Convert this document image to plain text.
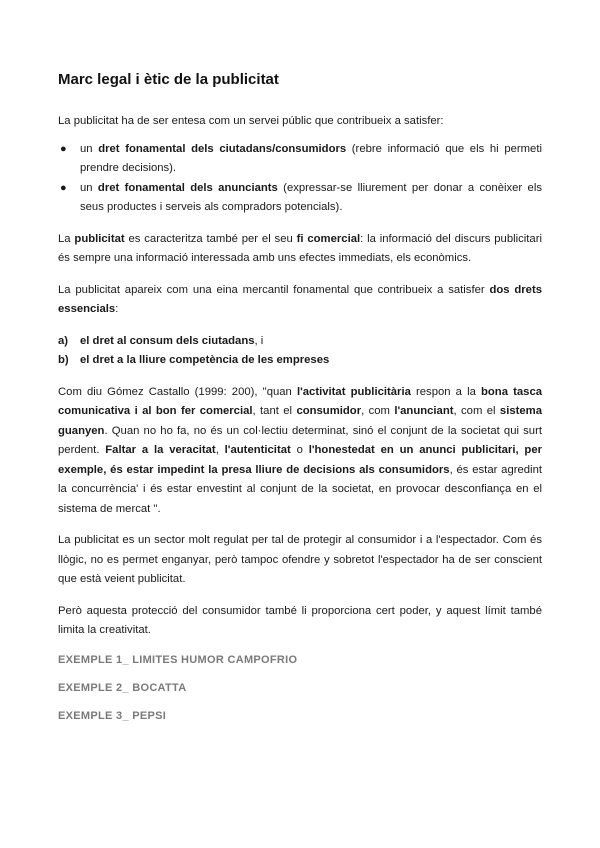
Marc legal i ètic de la publicitat

La publicitat ha de ser entesa com un servei públic que contribueix a satisfer:

● un dret fonamental dels ciutadans/consumidors (rebre informació que els hi permeti prendre decisions).
● un dret fonamental dels anunciants (expressar-se lliurement per donar a conèixer els seus productes i serveis als compradors potencials).

La publicitat es caracteritza també per el seu fi comercial: la informació del discurs publicitari és sempre una informació interessada amb uns efectes immediats, els econòmics.

La publicitat apareix com una eina mercantil fonamental que contribueix a satisfer dos drets essencials:

a) el dret al consum dels ciutadans, i
b) el dret a la lliure competència de les empreses

Com diu Gómez Castallo (1999: 200), "quan l'activitat publicitària respon a la bona tasca comunicativa i al bon fer comercial, tant el consumidor, com l'anunciant, com el sistema guanyen. Quan no ho fa, no és un col·lectiu determinat, sinó el conjunt de la societat qui surt perdent. Faltar a la veracitat, l'autenticitat o l'honestedat en un anunci publicitari, per exemple, és estar impedint la presa lliure de decisions als consumidors, és estar agredint la concurrència' i és estar envestint al conjunt de la societat, en provocar desconfiança en el sistema de mercat ".

La publicitat es un sector molt regulat per tal de protegir al consumidor i a l'espectador. Com és llògic, no es permet enganyar, però tampoc ofendre y sobretot l'espectador ha de ser conscient que està veient publicitat.

Però aquesta protecció del consumidor també li proporciona cert poder, y aquest límit també limita la creativitat.

EXEMPLE 1_ LIMITES HUMOR CAMPOFRIO
EXEMPLE 2_ BOCATTA
EXEMPLE 3_ PEPSI
